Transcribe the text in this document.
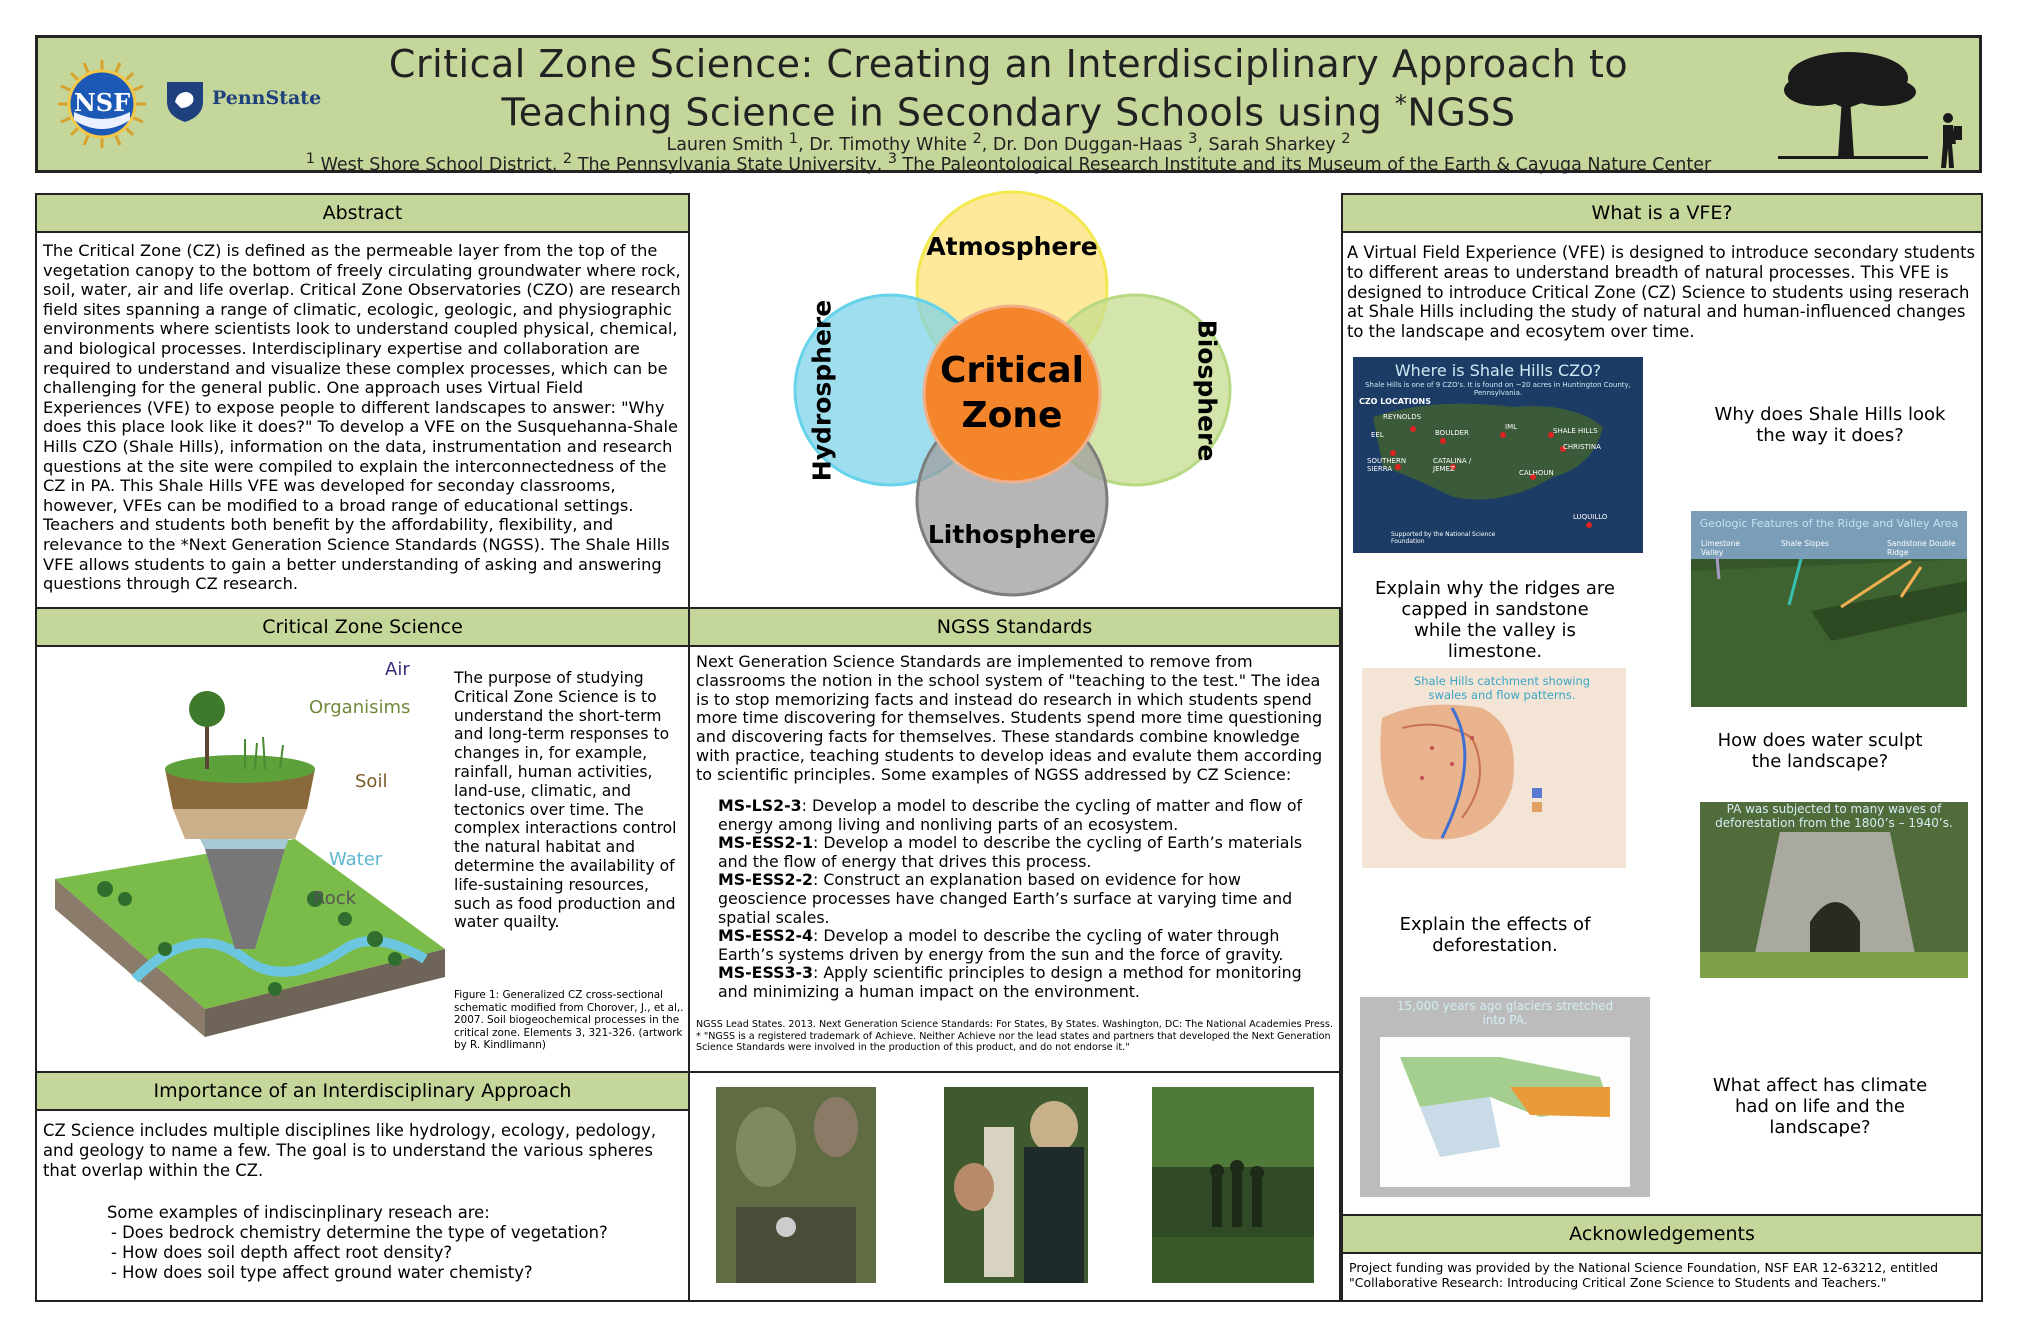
NSF	PennState
Critical Zone Science: Creating an Interdisciplinary Approach to
Teaching Science in Secondary Schools using *NGSS
Lauren Smith $^1$, Dr. Timothy White $^2$, Dr. Don Duggan-Haas $^3$, Sarah Sharkey $^2$
$^1$ West Shore School District, $^2$ The Pennsylvania State University, $^3$ The Paleontological Research Institute and its Museum of the Earth & Cayuga Nature Center
Abstract
The Critical Zone (CZ) is defined as the permeable layer from the top of the vegetation canopy to the bottom of freely circulating groundwater where rock, soil, water, air and life overlap. Critical Zone Observatories (CZO) are research field sites spanning a range of climatic, ecologic, geologic, and physiographic environments where scientists look to understand coupled physical, chemical, and biological processes. Interdisciplinary expertise and collaboration are required to understand and visualize these complex processes, which can be challenging for the general public. One approach uses Virtual Field Experiences (VFE) to expose people to different landscapes to answer: "Why does this place look like it does?" To develop a VFE on the Susquehanna-Shale Hills CZO (Shale Hills), information on the data, instrumentation and research questions at the site were compiled to explain the interconnectedness of the CZ in PA. This Shale Hills VFE was developed for seconday classrooms, however, VFEs can be modified to a broad range of educational settings. Teachers and students both benefit by the affordability, flexibility, and relevance to the *Next Generation Science Standards (NGSS). The Shale Hills VFE allows students to gain a better understanding of asking and answering questions through CZ research.
Atmosphere
Lithosphere
Hydrosphere	Biosphere
Critical
Zone
Critical Zone Science
Air
Organisims
Soil
Water
Rock
The purpose of studying Critical Zone Science is to understand the short-term and long-term responses to changes in, for example, rainfall, human activities, land-use, climatic, and tectonics over time. The complex interactions control the natural habitat and determine the availability of life-sustaining resources, such as food production and water quailty.
Figure 1: Generalized CZ cross-sectional schematic modified from Chorover, J., et al,. 2007. Soil biogeochemical processes in the critical zone. Elements 3, 321-326. (artwork by R. Kindlimann)
NGSS Standards
Next Generation Science Standards are implemented to remove from classrooms the notion in the school system of "teaching to the test." The idea is to stop memorizing facts and instead do research in which students spend more time discovering for themselves. Students spend more time questioning and discovering facts for themselves. These standards combine knowledge with practice, teaching students to develop ideas and evalute them according to scientific principles. Some examples of NGSS addressed by CZ Science:
MS-LS2-3: Develop a model to describe the cycling of matter and flow of energy among living and nonliving parts of an ecosystem.
MS-ESS2-1: Develop a model to describe the cycling of Earth’s materials and the flow of energy that drives this process.
MS-ESS2-2: Construct an explanation based on evidence for how geoscience processes have changed Earth’s surface at varying time and spatial scales.
MS-ESS2-4: Develop a model to describe the cycling of water through Earth’s systems driven by energy from the sun and the force of gravity.
MS-ESS3-3: Apply scientific principles to design a method for monitoring and minimizing a human impact on the environment.
NGSS Lead States. 2013. Next Generation Science Standards: For States, By States. Washington, DC: The National Academies Press.
* "NGSS is a registered trademark of Achieve. Neither Achieve nor the lead states and partners that developed the Next Generation Science Standards were involved in the production of this product, and do not endorse it."
Importance of an Interdisciplinary Approach
CZ Science includes multiple disciplines like hydrology, ecology, pedology, and geology to name a few. The goal is to understand the various spheres that overlap within the CZ.
Some examples of indiscinplinary reseach are:
- Does bedrock chemistry determine the type of vegetation?
- How does soil depth affect root density?
- How does soil type affect ground water chemisty?
What is a VFE?
A Virtual Field Experience (VFE) is designed to introduce secondary students to different areas to understand breadth of natural processes. This VFE is designed to introduce Critical Zone (CZ) Science to students using reserach at Shale Hills including the study of natural and human-influenced changes to the landscape and ecosytem over time.
Where is Shale Hills CZO?
Shale Hills is one of 9 CZO's. It is found on ~20 acres in Huntington County, Pennsylvania.
CZO LOCATIONS
REYNOLDS
BOULDER
IML	SHALE HILLS
EEL
CHRISTINA
SOUTHERN SIERRA
CATALINA / JEMEZ	CALHOUN
LUQUILLO
Supported by the National Science Foundation
Geologic Features of the Ridge and Valley Area
Limestone Valley
Shale Slopes	Sandstone Double Ridge
Shale Hills catchment showing swales and flow patterns.
PA was subjected to many waves of deforestation from the 1800’s – 1940’s.
15,000 years ago glaciers stretched into PA.
Why does Shale Hills look the way it does?
Explain why the ridges are capped in sandstone while the valley is limestone.
How does water sculpt the landscape?
Explain the effects of deforestation.
What affect has climate had on life and the landscape?
Acknowledgements
Project funding was provided by the National Science Foundation, NSF EAR 12-63212, entitled "Collaborative Research: Introducing Critical Zone Science to Students and Teachers."
